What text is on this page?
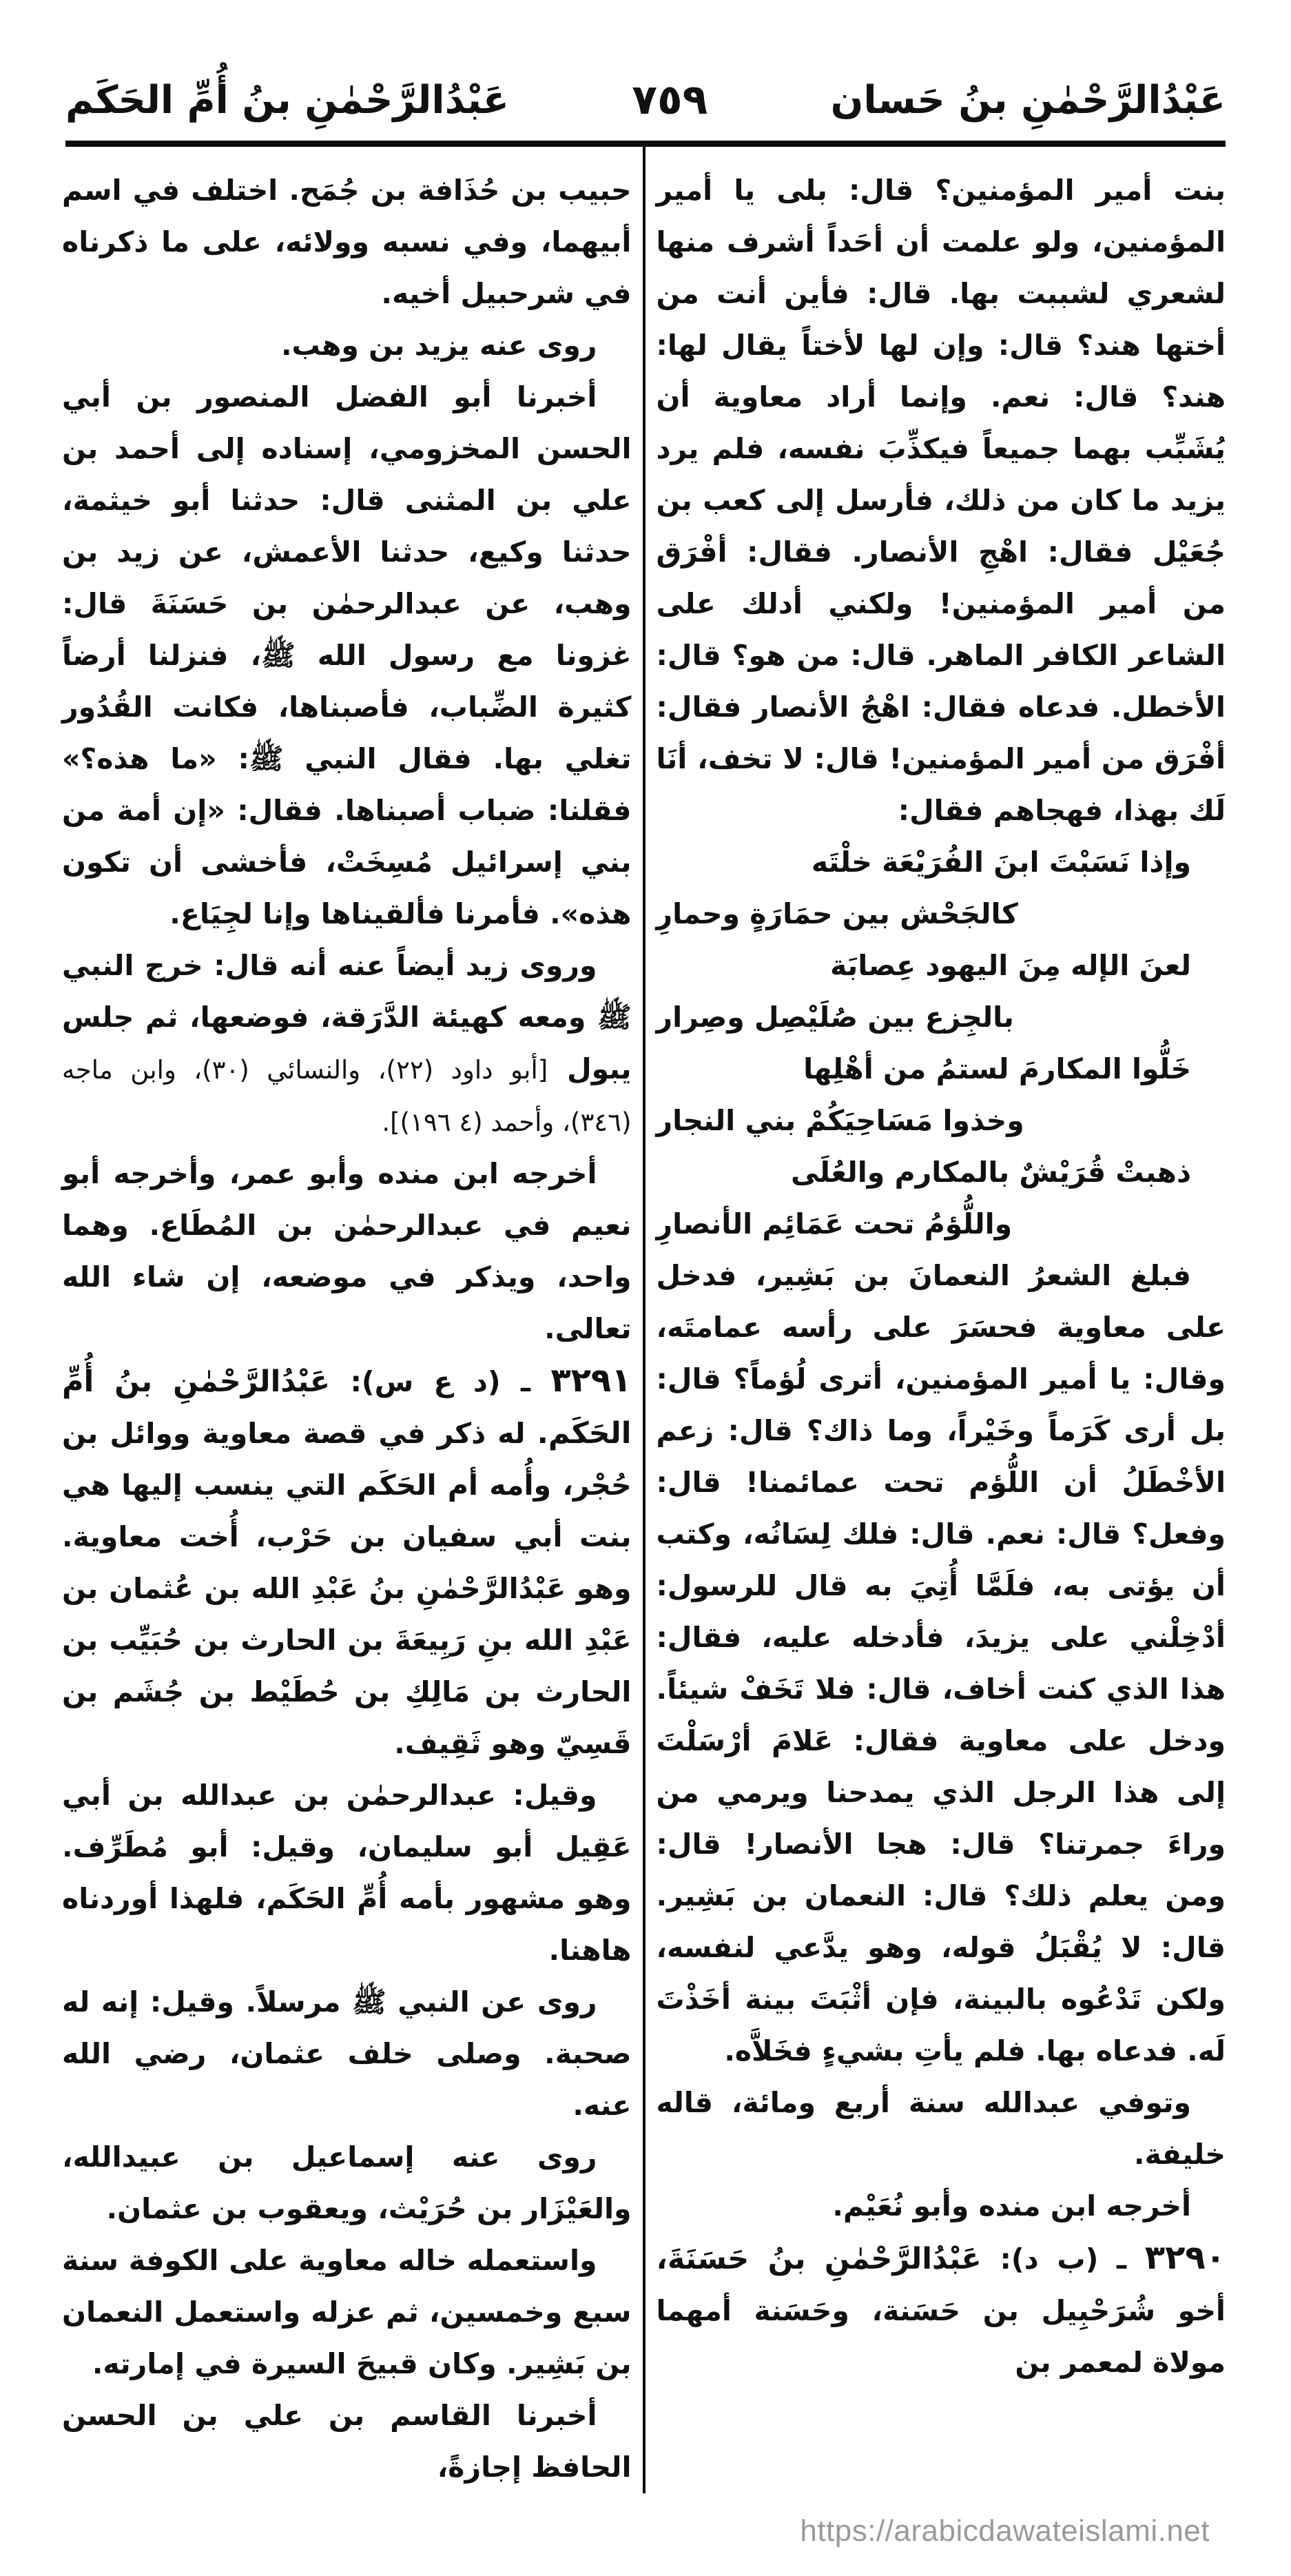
عَبْدُالرَّحْمٰنِ بنُ حَسان
٧٥٩
عَبْدُالرَّحْمٰنِ بنُ أُمِّ الحَكَم

بنت أمير المؤمنين؟ قال: بلى يا أمير المؤمنين، ولو علمت أن أحَداً أشرف منها لشعري لشببت بها. قال: فأين أنت من أختها هند؟ قال: وإن لها لأختاً يقال لها: هند؟ قال: نعم. وإنما أراد معاوية أن يُشَبِّب بهما جميعاً فيكذِّبَ نفسه، فلم يرد يزيد ما كان من ذلك، فأرسل إلى كعب بن جُعَيْل فقال: اهْجِ الأنصار. فقال: أفْرَق من أمير المؤمنين! ولكني أدلك على الشاعر الكافر الماهر. قال: من هو؟ قال: الأخطل. فدعاه فقال: اهْجُ الأنصار فقال: أفْرَق من أمير المؤمنين! قال: لا تخف، أنَا لَك بهذا، فهجاهم فقال:

وإذا نَسَبْتَ ابنَ الفُرَيْعَة خلْتَه

كالجَحْش بين حمَارَةٍ وحمارِ

لعنَ الإله مِنَ اليهود عِصابَة

بالجِزع بين صُلَيْصِل وصِرار

خَلُّوا المكارمَ لستمُ من أهْلِها

وخذوا مَسَاحِيَكُمْ بني النجار

ذهبتْ قُرَيْشٌ بالمكارم والعُلَى

واللُّؤمُ تحت عَمَائِم الأنصارِ

فبلغ الشعرُ النعمانَ بن بَشِير، فدخل على معاوية فحسَرَ على رأسه عمامتَه، وقال: يا أمير المؤمنين، أترى لُؤماً؟ قال: بل أرى كَرَماً وخَيْراً، وما ذاك؟ قال: زعم الأخْطَلُ أن اللُّؤم تحت عمائمنا! قال: وفعل؟ قال: نعم. قال: فلك لِسَانُه، وكتب أن يؤتى به، فلَمَّا أُتِيَ به قال للرسول: أدْخِلْني على يزيدَ، فأدخله عليه، فقال: هذا الذي كنت أخاف، قال: فلا تَخَفْ شيئاً. ودخل على معاوية فقال: عَلامَ أرْسَلْتَ إلى هذا الرجل الذي يمدحنا ويرمي من وراءَ جمرتنا؟ قال: هجا الأنصار! قال: ومن يعلم ذلك؟ قال: النعمان بن بَشِير. قال: لا يُقْبَلُ قوله، وهو يدَّعي لنفسه، ولكن تَدْعُوه بالبينة، فإن أثْبَتَ بينة أخَذْتَ لَه. فدعاه بها. فلم يأتِ بشيءٍ فخَلاَّه.

وتوفي عبدالله سنة أربع ومائة، قاله خليفة.

أخرجه ابن منده وأبو نُعَيْم.

٣٢٩٠ ـ (ب د): عَبْدُالرَّحْمٰنِ بنُ حَسَنَةَ، أخو شُرَحْبِيل بن حَسَنة، وحَسَنة أمهما مولاة لمعمر بن

حبيب بن حُذَافة بن جُمَح. اختلف في اسم أبيهما، وفي نسبه وولائه، على ما ذكرناه في شرحبيل أخيه.

روى عنه يزيد بن وهب.

أخبرنا أبو الفضل المنصور بن أبي الحسن المخزومي، إسناده إلى أحمد بن علي بن المثنى قال: حدثنا أبو خيثمة، حدثنا وكيع، حدثنا الأعمش، عن زيد بن وهب، عن عبدالرحمٰن بن حَسَنَةَ قال: غزونا مع رسول الله ﷺ، فنزلنا أرضاً كثيرة الضِّباب، فأصبناها، فكانت القُدُور تغلي بها. فقال النبي ﷺ: «ما هذه؟» فقلنا: ضباب أصبناها. فقال: «إن أمة من بني إسرائيل مُسِخَتْ، فأخشى أن تكون هذه». فأمرنا فألقيناها وإنا لجِيَاع.

وروى زيد أيضاً عنه أنه قال: خرج النبي ﷺ ومعه كهيئة الدَّرَقة، فوضعها، ثم جلس يبول [أبو داود (٢٢)، والنسائي (٣٠)، وابن ماجه (٣٤٦)، وأحمد (٤ ١٩٦)].

أخرجه ابن منده وأبو عمر، وأخرجه أبو نعيم في عبدالرحمٰن بن المُطَاع. وهما واحد، ويذكر في موضعه، إن شاء الله تعالى.

٣٢٩١ ـ (د ع س): عَبْدُالرَّحْمٰنِ بنُ أُمِّ الحَكَم. له ذكر في قصة معاوية ووائل بن حُجْر، وأُمه أم الحَكَم التي ينسب إليها هي بنت أبي سفيان بن حَرْب، أُخت معاوية. وهو عَبْدُالرَّحْمٰنِ بنُ عَبْدِ الله بن عُثمان بن عَبْدِ الله بنِ رَبِيعَةَ بن الحارث بن حُبَيِّب بن الحارث بن مَالِكِ بن حُطَيْط بن جُشَم بن قَسِيّ وهو ثَقِيف.

وقيل: عبدالرحمٰن بن عبدالله بن أبي عَقِيل أبو سليمان، وقيل: أبو مُطَرِّف. وهو مشهور بأمه أُمِّ الحَكَم، فلهذا أوردناه هاهنا.

روى عن النبي ﷺ مرسلاً. وقيل: إنه له صحبة. وصلى خلف عثمان، رضي الله عنه.

روى عنه إسماعيل بن عبيدالله، والعَيْزَار بن حُرَيْث، ويعقوب بن عثمان.

واستعمله خاله معاوية على الكوفة سنة سبع وخمسين، ثم عزله واستعمل النعمان بن بَشِير. وكان قبيحَ السيرة في إمارته.

أخبرنا القاسم بن علي بن الحسن الحافظ إجازةً،

https://arabicdawateislami.net
